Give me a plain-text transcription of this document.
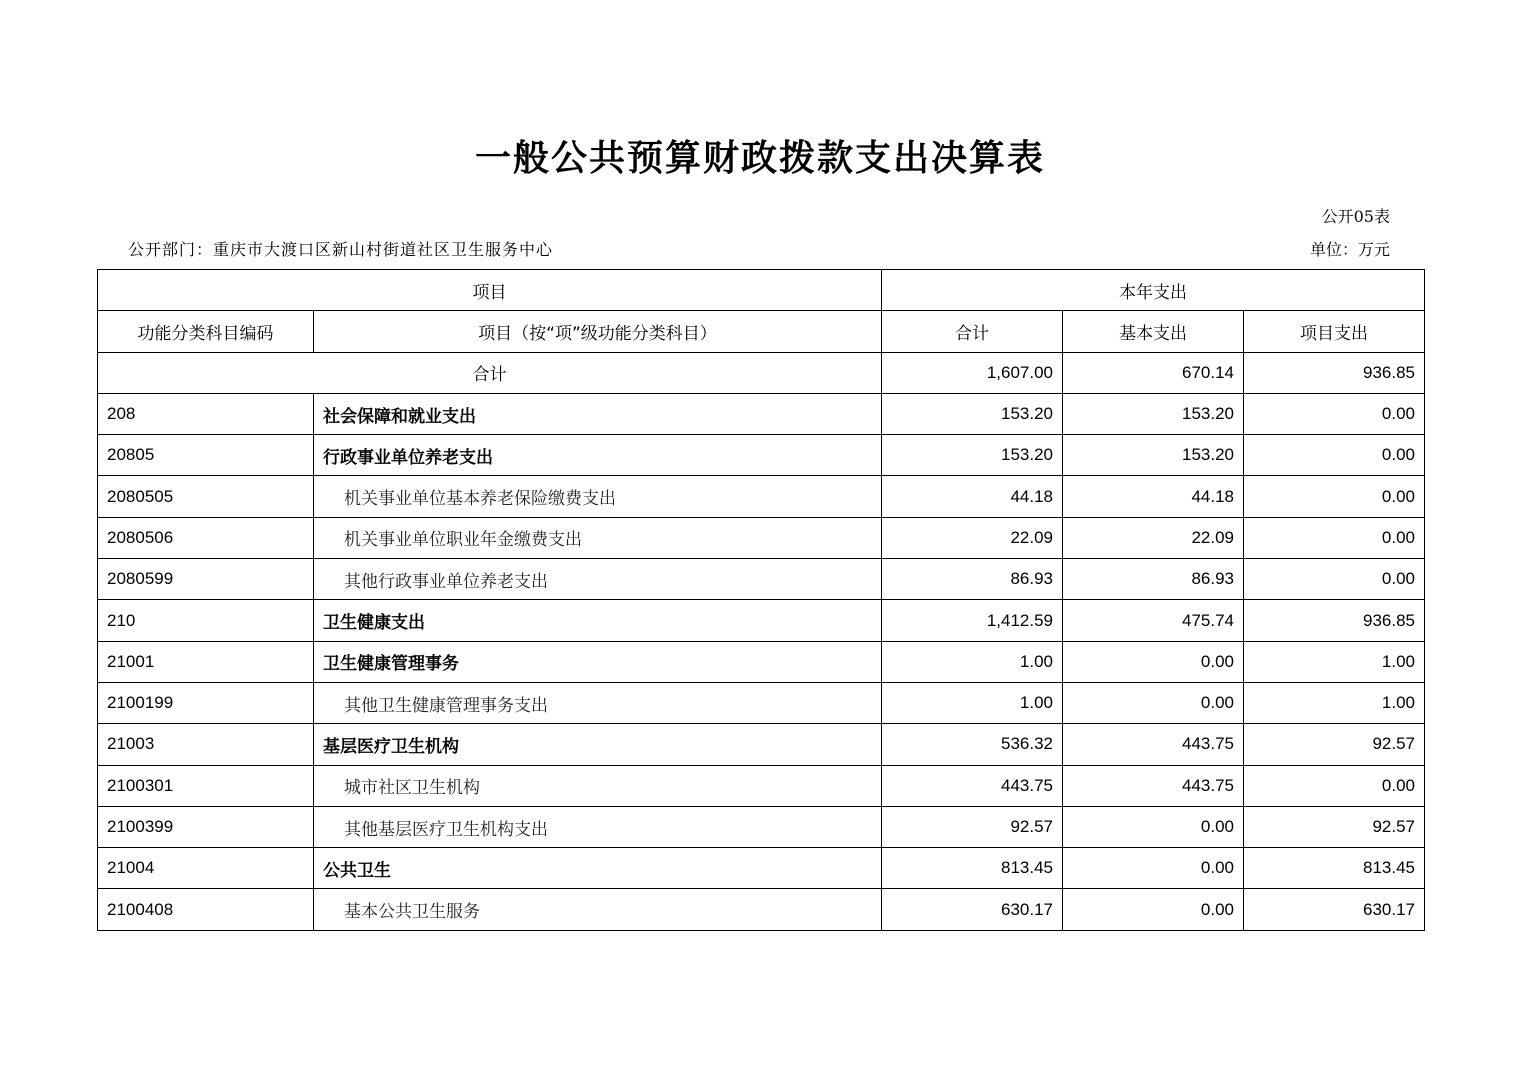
一般公共预算财政拨款支出决算表
公开05表
公开部门：重庆市大渡口区新山村街道社区卫生服务中心	单位：万元
项目		本年支出		
功能分类科目编码	项目（按“项”级功能分类科目）	合计	基本支出	项目支出
合计		1,607.00	670.14	936.85
208	社会保障和就业支出	153.20	153.20	0.00
20805	行政事业单位养老支出	153.20	153.20	0.00
2080505	机关事业单位基本养老保险缴费支出	44.18	44.18	0.00
2080506	机关事业单位职业年金缴费支出	22.09	22.09	0.00
2080599	其他行政事业单位养老支出	86.93	86.93	0.00
210	卫生健康支出	1,412.59	475.74	936.85
21001	卫生健康管理事务	1.00	0.00	1.00
2100199	其他卫生健康管理事务支出	1.00	0.00	1.00
21003	基层医疗卫生机构	536.32	443.75	92.57
2100301	城市社区卫生机构	443.75	443.75	0.00
2100399	其他基层医疗卫生机构支出	92.57	0.00	92.57
21004	公共卫生	813.45	0.00	813.45
2100408	基本公共卫生服务	630.17	0.00	630.17
